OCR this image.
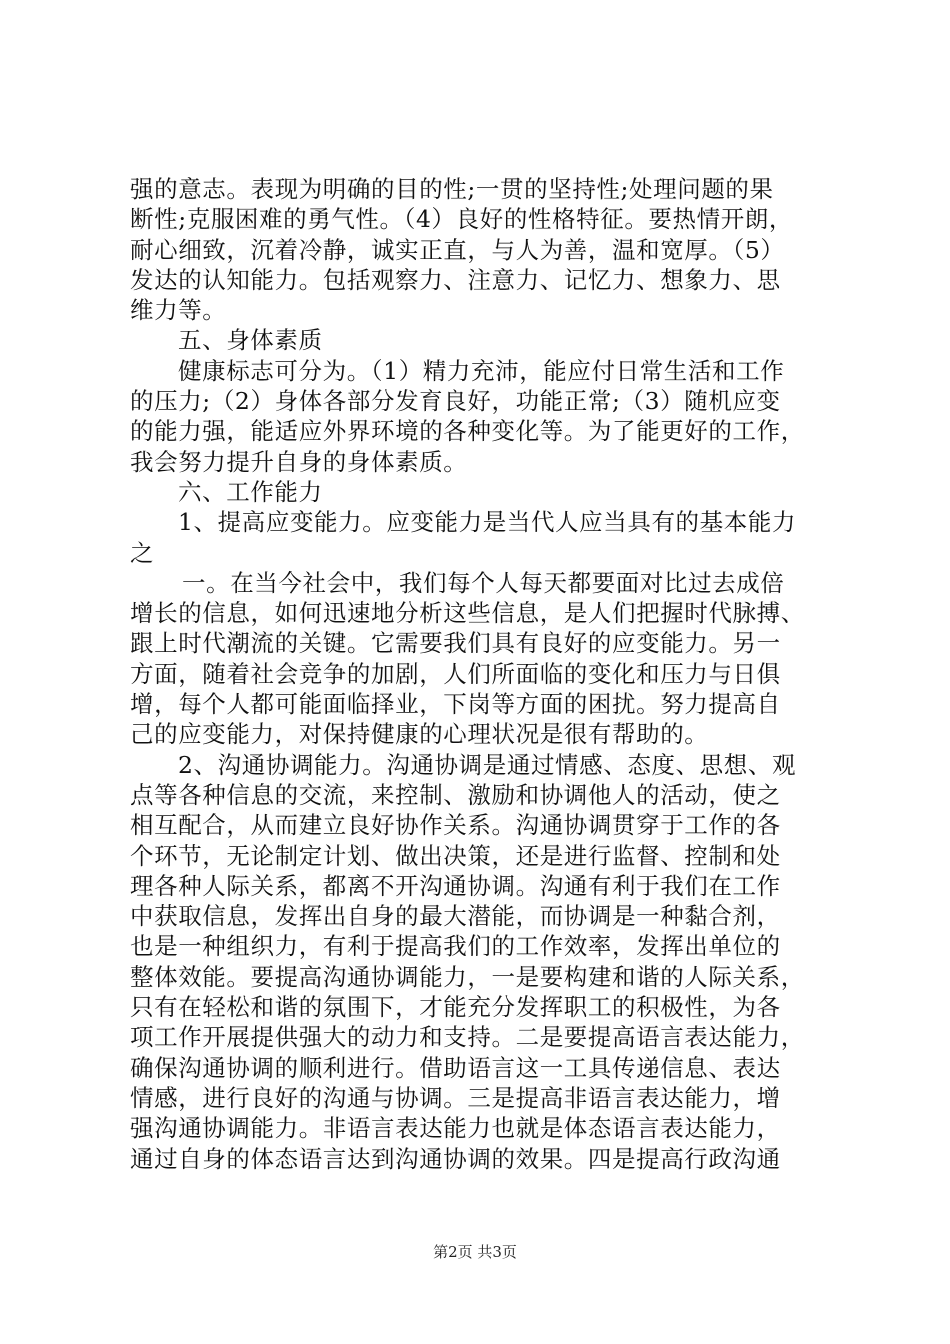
强的意志。表现为明确的目的性;一贯的坚持性;处理问题的果
断性;克服困难的勇气性。（4）良好的性格特征。要热情开朗，
耐心细致，沉着冷静，诚实正直，与人为善，温和宽厚。（5）
发达的认知能力。包括观察力、注意力、记忆力、想象力、思
维力等。
五、身体素质
健康标志可分为。（1）精力充沛，能应付日常生活和工作
的压力;（2）身体各部分发育良好，功能正常;（3）随机应变
的能力强，能适应外界环境的各种变化等。为了能更好的工作，
我会努力提升自身的身体素质。
六、工作能力
1、提高应变能力。应变能力是当代人应当具有的基本能力
之
一。在当今社会中，我们每个人每天都要面对比过去成倍
增长的信息，如何迅速地分析这些信息，是人们把握时代脉搏、
跟上时代潮流的关键。它需要我们具有良好的应变能力。另一
方面，随着社会竞争的加剧，人们所面临的变化和压力与日俱
增，每个人都可能面临择业，下岗等方面的困扰。努力提高自
己的应变能力，对保持健康的心理状况是很有帮助的。
2、沟通协调能力。沟通协调是通过情感、态度、思想、观
点等各种信息的交流，来控制、激励和协调他人的活动，使之
相互配合，从而建立良好协作关系。沟通协调贯穿于工作的各
个环节，无论制定计划、做出决策，还是进行监督、控制和处
理各种人际关系，都离不开沟通协调。沟通有利于我们在工作
中获取信息，发挥出自身的最大潜能，而协调是一种黏合剂，
也是一种组织力，有利于提高我们的工作效率，发挥出单位的
整体效能。要提高沟通协调能力，一是要构建和谐的人际关系，
只有在轻松和谐的氛围下，才能充分发挥职工的积极性，为各
项工作开展提供强大的动力和支持。二是要提高语言表达能力，
确保沟通协调的顺利进行。借助语言这一工具传递信息、表达
情感，进行良好的沟通与协调。三是提高非语言表达能力，增
强沟通协调能力。非语言表达能力也就是体态语言表达能力，
通过自身的体态语言达到沟通协调的效果。四是提高行政沟通
第2页 共3页
